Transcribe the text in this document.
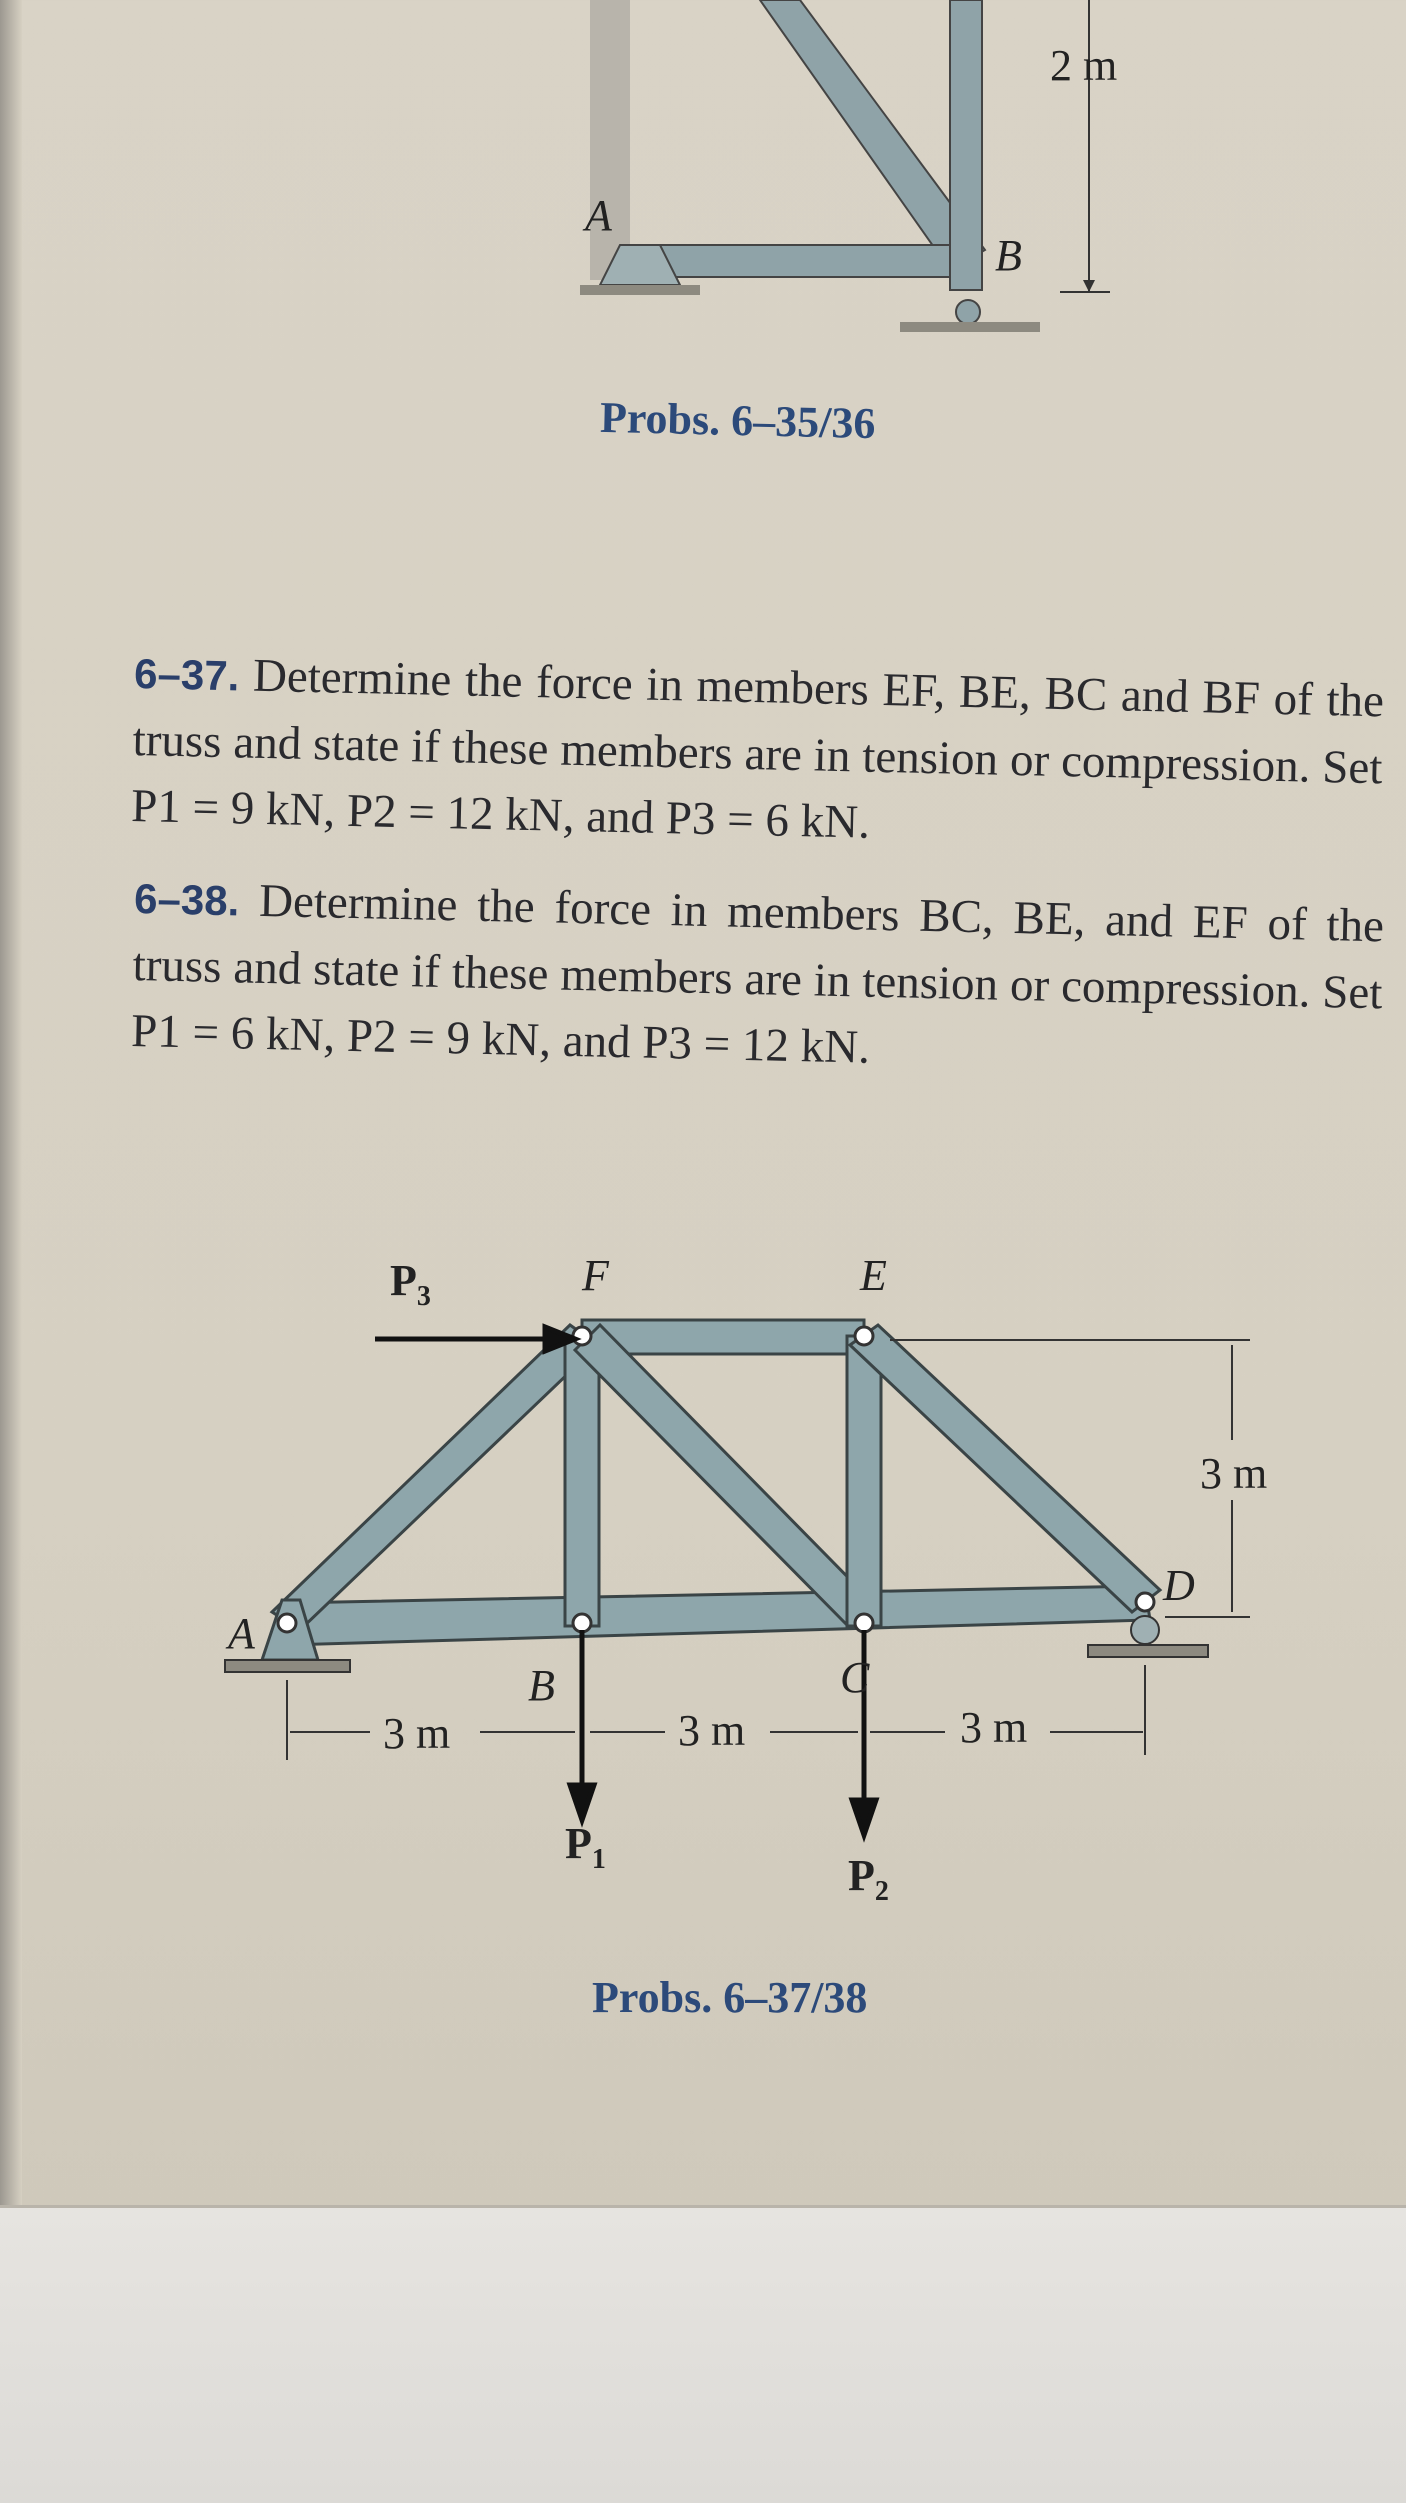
2 m
A
B
Probs. 6–35/36
6–37. Determine the force in members EF, BE, BC and BF of the truss and state if these members are in tension or compression. Set P1 = 9 kN, P2 = 12 kN, and P3 = 6 kN.
6–38. Determine the force in members BC, BE, and EF of the truss and state if these members are in tension or compression. Set P1 = 6 kN, P2 = 9 kN, and P3 = 12 kN.
$P_3$
$P_1$	$P_2$
F	E
D
A
B	C
3 m	3 m	3 m
3 m
Probs. 6–37/38
